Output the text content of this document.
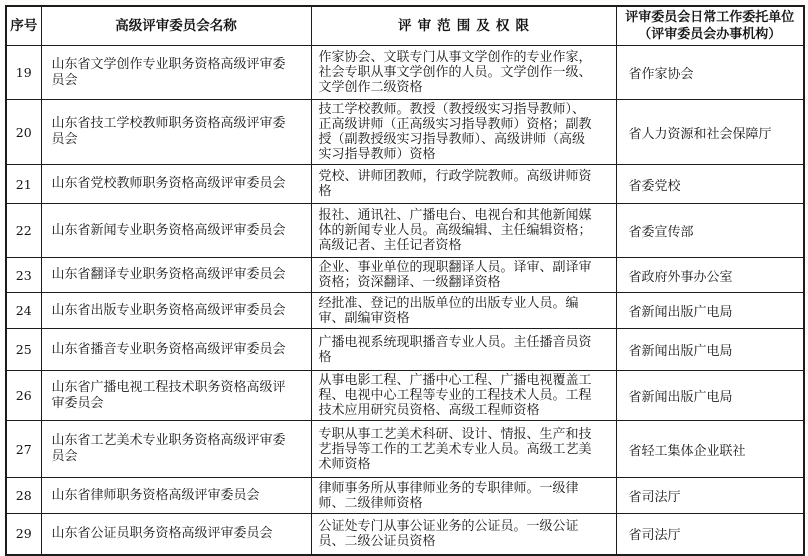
序号	高级评审委员会名称	评审范围及权限	评审委员会日常工作委托单位
（评审委员会办事机构）

19	山东省文学创作专业职务资格高级评审委员会	作家协会、文联专门从事文学创作的专业作家，社会专职从事文学创作的人员。文学创作一级、文学创作二级资格	省作家协会
20	山东省技工学校教师职务资格高级评审委员会	技工学校教师。教授（教授级实习指导教师）、正高级讲师（正高级实习指导教师）资格；副教授（副教授级实习指导教师）、高级讲师（高级实习指导教师）资格	省人力资源和社会保障厅
21	山东省党校教师职务资格高级评审委员会	党校、讲师团教师，行政学院教师。高级讲师资格	省委党校
22	山东省新闻专业职务资格高级评审委员会	报社、通讯社、广播电台、电视台和其他新闻媒体的新闻专业人员。高级编辑、主任编辑资格；高级记者、主任记者资格	省委宣传部
23	山东省翻译专业职务资格高级评审委员会	企业、事业单位的现职翻译人员。译审、副译审资格；资深翻译、一级翻译资格	省政府外事办公室
24	山东省出版专业职务资格高级评审委员会	经批准、登记的出版单位的出版专业人员。编审、副编审资格	省新闻出版广电局
25	山东省播音专业职务资格高级评审委员会	广播电视系统现职播音专业人员。主任播音员资格	省新闻出版广电局
26	山东省广播电视工程技术职务资格高级评审委员会	从事电影工程、广播中心工程、广播电视覆盖工程、电视中心工程等专业的工程技术人员。工程技术应用研究员资格、高级工程师资格	省新闻出版广电局
27	山东省工艺美术专业职务资格高级评审委员会	专职从事工艺美术科研、设计、情报、生产和技艺指导等工作的工艺美术专业人员。高级工艺美术师资格	省轻工集体企业联社
28	山东省律师职务资格高级评审委员会	律师事务所从事律师业务的专职律师。一级律师、二级律师资格	省司法厅
29	山东省公证员职务资格高级评审委员会	公证处专门从事公证业务的公证员。一级公证员、二级公证员资格	省司法厅
